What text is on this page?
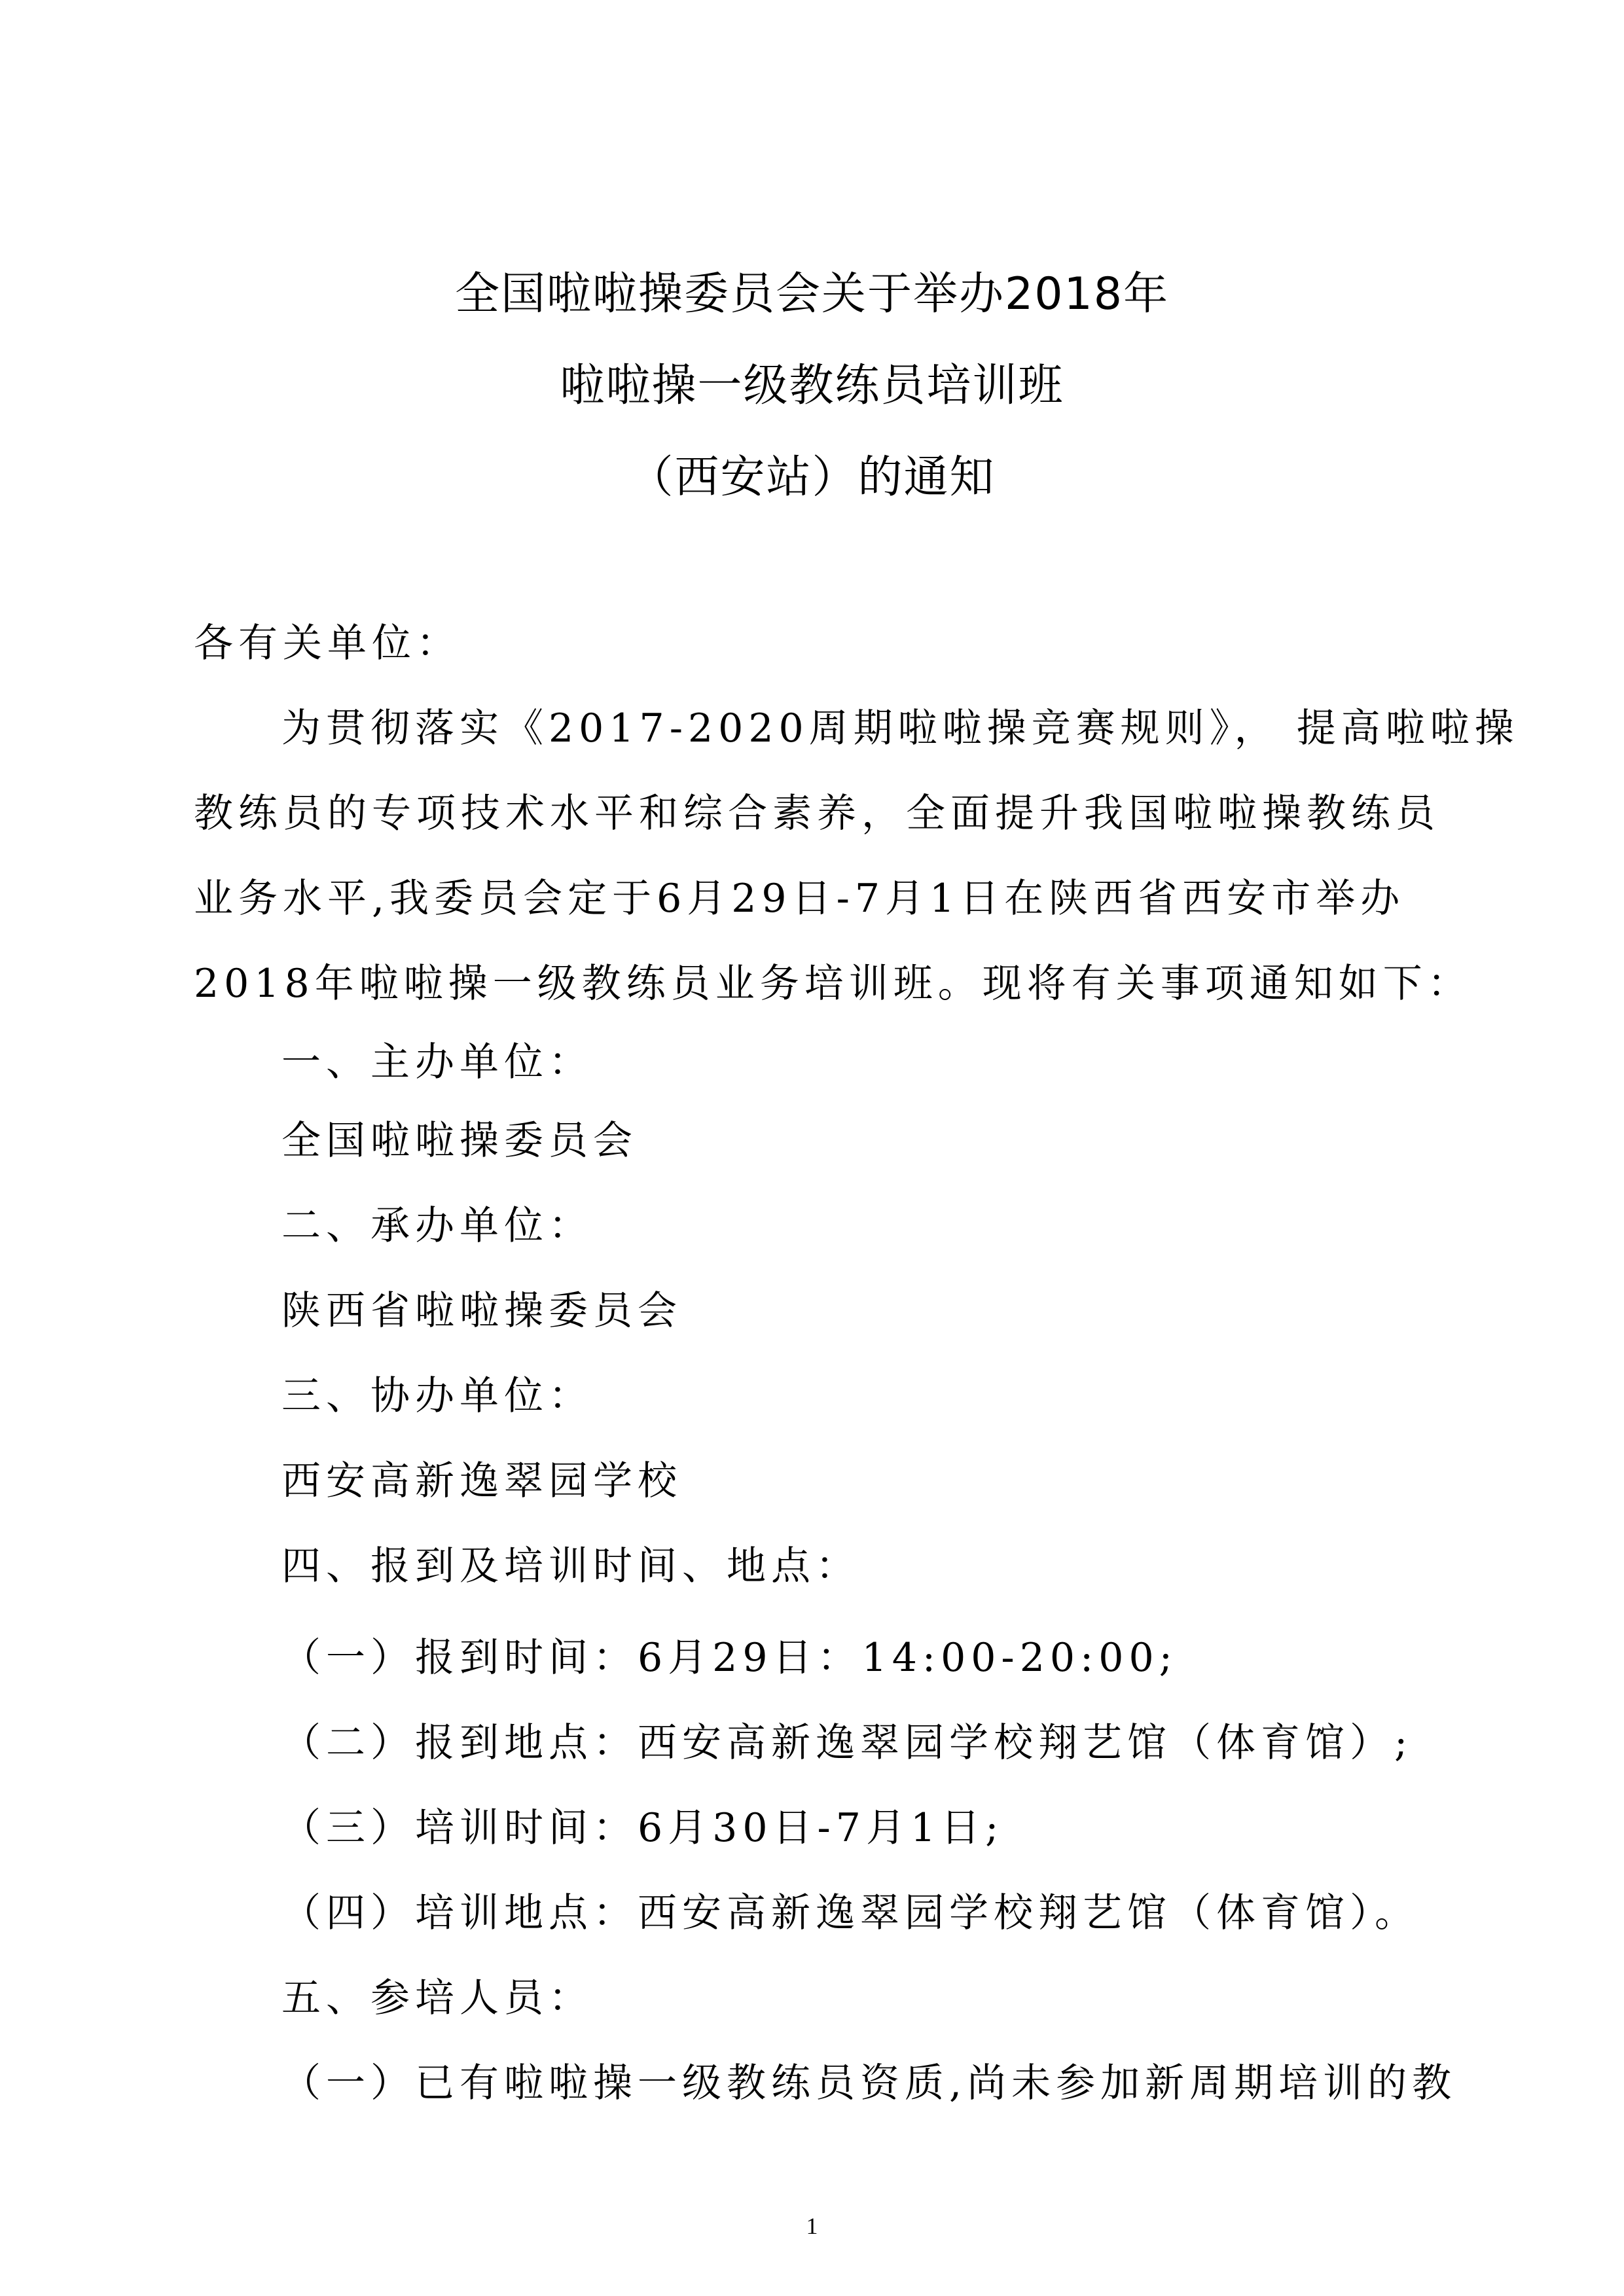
全国啦啦操委员会关于举办2018年
啦啦操一级教练员培训班
（西安站）的通知
各有关单位：
为贯彻落实《2017-2020周期啦啦操竞赛规则》， 提高啦啦操
教练员的专项技术水平和综合素养，全面提升我国啦啦操教练员
业务水平,我委员会定于6月29日-7月1日在陕西省西安市举办
2018年啦啦操一级教练员业务培训班。现将有关事项通知如下：
一、主办单位：
全国啦啦操委员会
二、承办单位：
陕西省啦啦操委员会
三、协办单位：
西安高新逸翠园学校
四、报到及培训时间、地点：
（一）报到时间：6月29日：14:00-20:00;
（二）报到地点：西安高新逸翠园学校翔艺馆（体育馆）;
（三）培训时间：6月30日-7月1日;
（四）培训地点：西安高新逸翠园学校翔艺馆（体育馆）。
五、参培人员：
（一）已有啦啦操一级教练员资质,尚未参加新周期培训的教
1
